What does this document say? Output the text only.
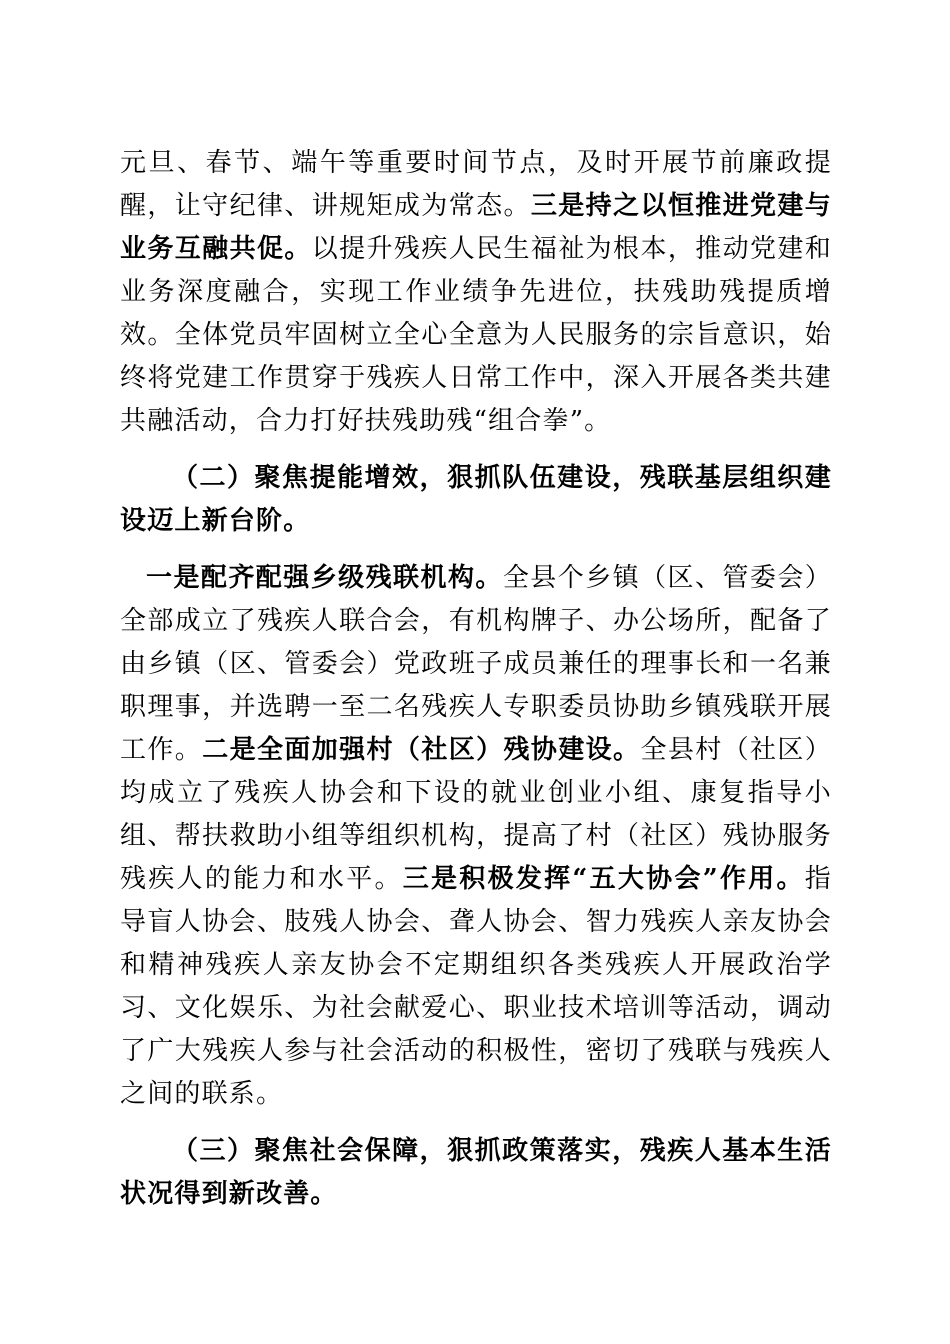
元旦、春节、端午等重要时间节点，及时开展节前廉政提醒，让守纪律、讲规矩成为常态。三是持之以恒推进党建与业务互融共促。以提升残疾人民生福祉为根本，推动党建和业务深度融合，实现工作业绩争先进位，扶残助残提质增效。全体党员牢固树立全心全意为人民服务的宗旨意识，始终将党建工作贯穿于残疾人日常工作中，深入开展各类共建共融活动，合力打好扶残助残“组合拳”。

（二）聚焦提能增效，狠抓队伍建设，残联基层组织建设迈上新台阶。

一是配齐配强乡级残联机构。全县个乡镇（区、管委会）全部成立了残疾人联合会，有机构牌子、办公场所，配备了由乡镇（区、管委会）党政班子成员兼任的理事长和一名兼职理事，并选聘一至二名残疾人专职委员协助乡镇残联开展工作。二是全面加强村（社区）残协建设。全县村（社区）均成立了残疾人协会和下设的就业创业小组、康复指导小组、帮扶救助小组等组织机构，提高了村（社区）残协服务残疾人的能力和水平。三是积极发挥“五大协会”作用。指导盲人协会、肢残人协会、聋人协会、智力残疾人亲友协会和精神残疾人亲友协会不定期组织各类残疾人开展政治学习、文化娱乐、为社会献爱心、职业技术培训等活动，调动了广大残疾人参与社会活动的积极性，密切了残联与残疾人之间的联系。

（三）聚焦社会保障，狠抓政策落实，残疾人基本生活状况得到新改善。
